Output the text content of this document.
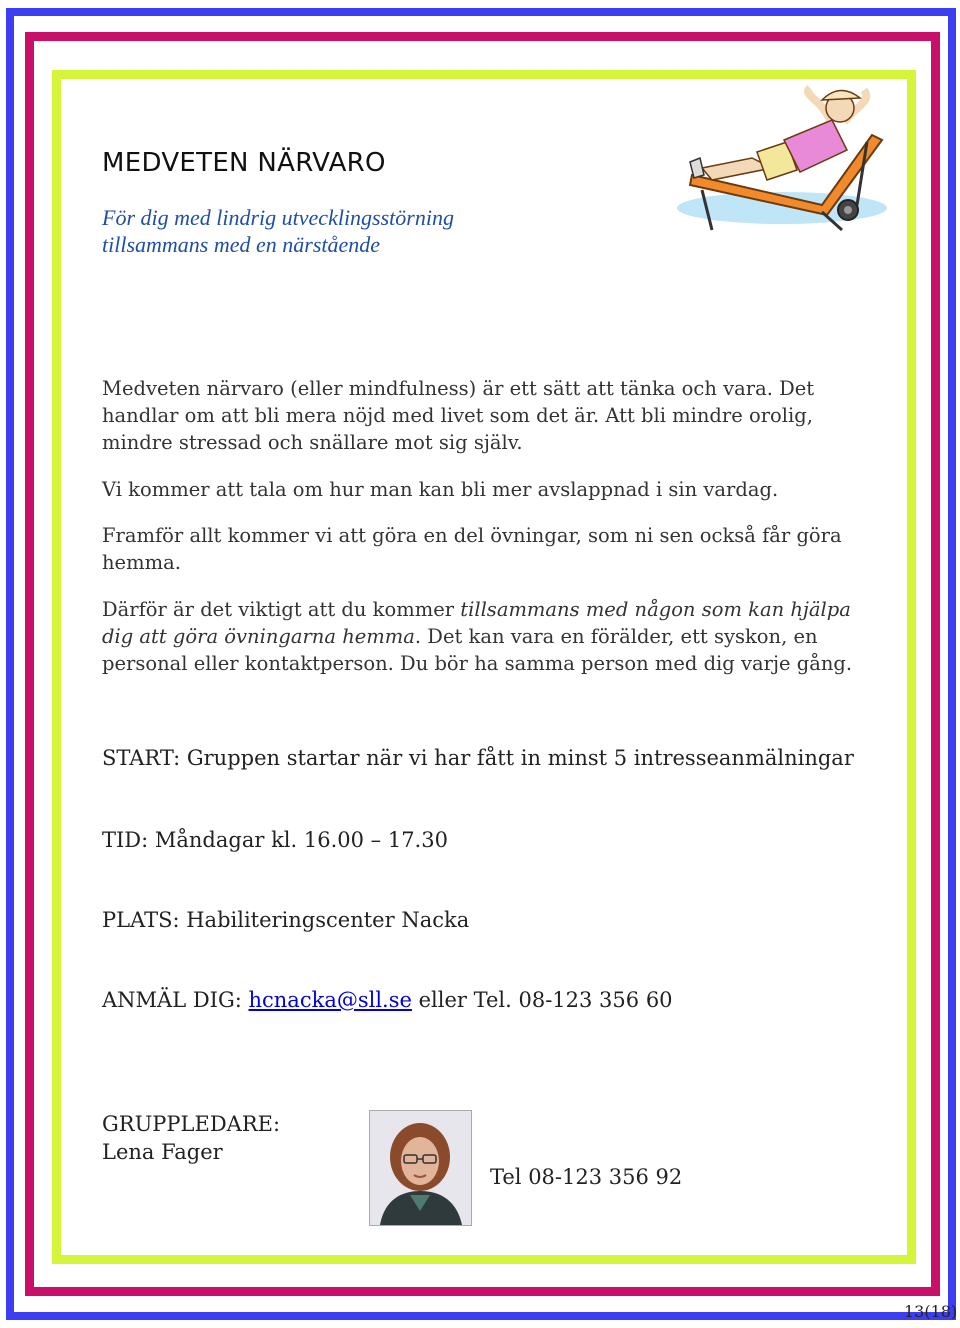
MEDVETEN NÄRVARO
För dig med lindrig utvecklingsstörning
tillsammans med en närstående
Medveten närvaro (eller mindfulness) är ett sätt att tänka och vara. Det
handlar om att bli mera nöjd med livet som det är. Att bli mindre orolig,
mindre stressad och snällare mot sig själv.
Vi kommer att tala om hur man kan bli mer avslappnad i sin vardag.
Framför allt kommer vi att göra en del övningar, som ni sen också får göra
hemma.
Därför är det viktigt att du kommer tillsammans med någon som kan hjälpa
dig att göra övningarna hemma. Det kan vara en förälder, ett syskon, en
personal eller kontaktperson. Du bör ha samma person med dig varje gång.
START: Gruppen startar när vi har fått in minst 5 intresseanmälningar
TID: Måndagar kl. 16.00 – 17.30
PLATS: Habiliteringscenter Nacka
ANMÄL DIG: hcnacka@sll.se eller Tel. 08-123 356 60
GRUPPLEDARE:
Lena Fager
Tel 08-123 356 92
13(18)
